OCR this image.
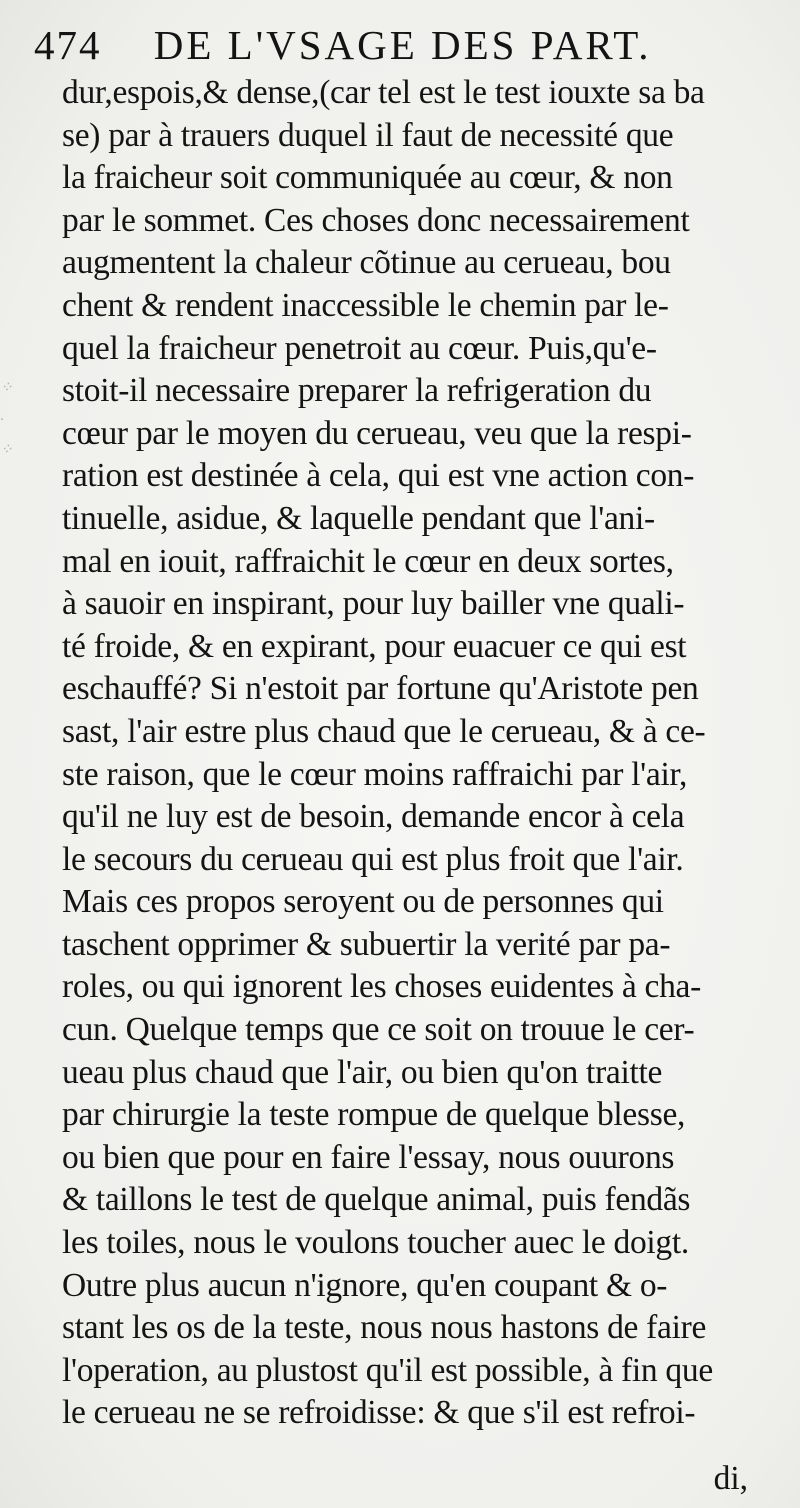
474 DE L'VSAGE DES PART.
⁘
·
⁘
dur,espois,& dense,(car tel est le test iouxte sa ba
se) par à trauers duquel il faut de necessité que
la fraicheur soit communiquée au cœur, & non
par le sommet. Ces choses donc necessairement
augmentent la chaleur cõtinue au cerueau, bou
chent & rendent inaccessible le chemin par le-
quel la fraicheur penetroit au cœur. Puis,qu'e-
stoit-il necessaire preparer la refrigeration du
cœur par le moyen du cerueau, veu que la respi-
ration est destinée à cela, qui est vne action con-
tinuelle, asidue, & laquelle pendant que l'ani-
mal en iouit, raffraichit le cœur en deux sortes,
à sauoir en inspirant, pour luy bailler vne quali-
té froide, & en expirant, pour euacuer ce qui est
eschauffé? Si n'estoit par fortune qu'Aristote pen
sast, l'air estre plus chaud que le cerueau, & à ce-
ste raison, que le cœur moins raffraichi par l'air,
qu'il ne luy est de besoin, demande encor à cela
le secours du cerueau qui est plus froit que l'air.
Mais ces propos seroyent ou de personnes qui
taschent opprimer & subuertir la verité par pa-
roles, ou qui ignorent les choses euidentes à cha-
cun. Quelque temps que ce soit on trouue le cer-
ueau plus chaud que l'air, ou bien qu'on traitte
par chirurgie la teste rompue de quelque blesse,
ou bien que pour en faire l'essay, nous ouurons
& taillons le test de quelque animal, puis fendãs
les toiles, nous le voulons toucher auec le doigt.
Outre plus aucun n'ignore, qu'en coupant & o-
stant les os de la teste, nous nous hastons de faire
l'operation, au plustost qu'il est possible, à fin que
le cerueau ne se refroidisse: & que s'il est refroi-
di,
